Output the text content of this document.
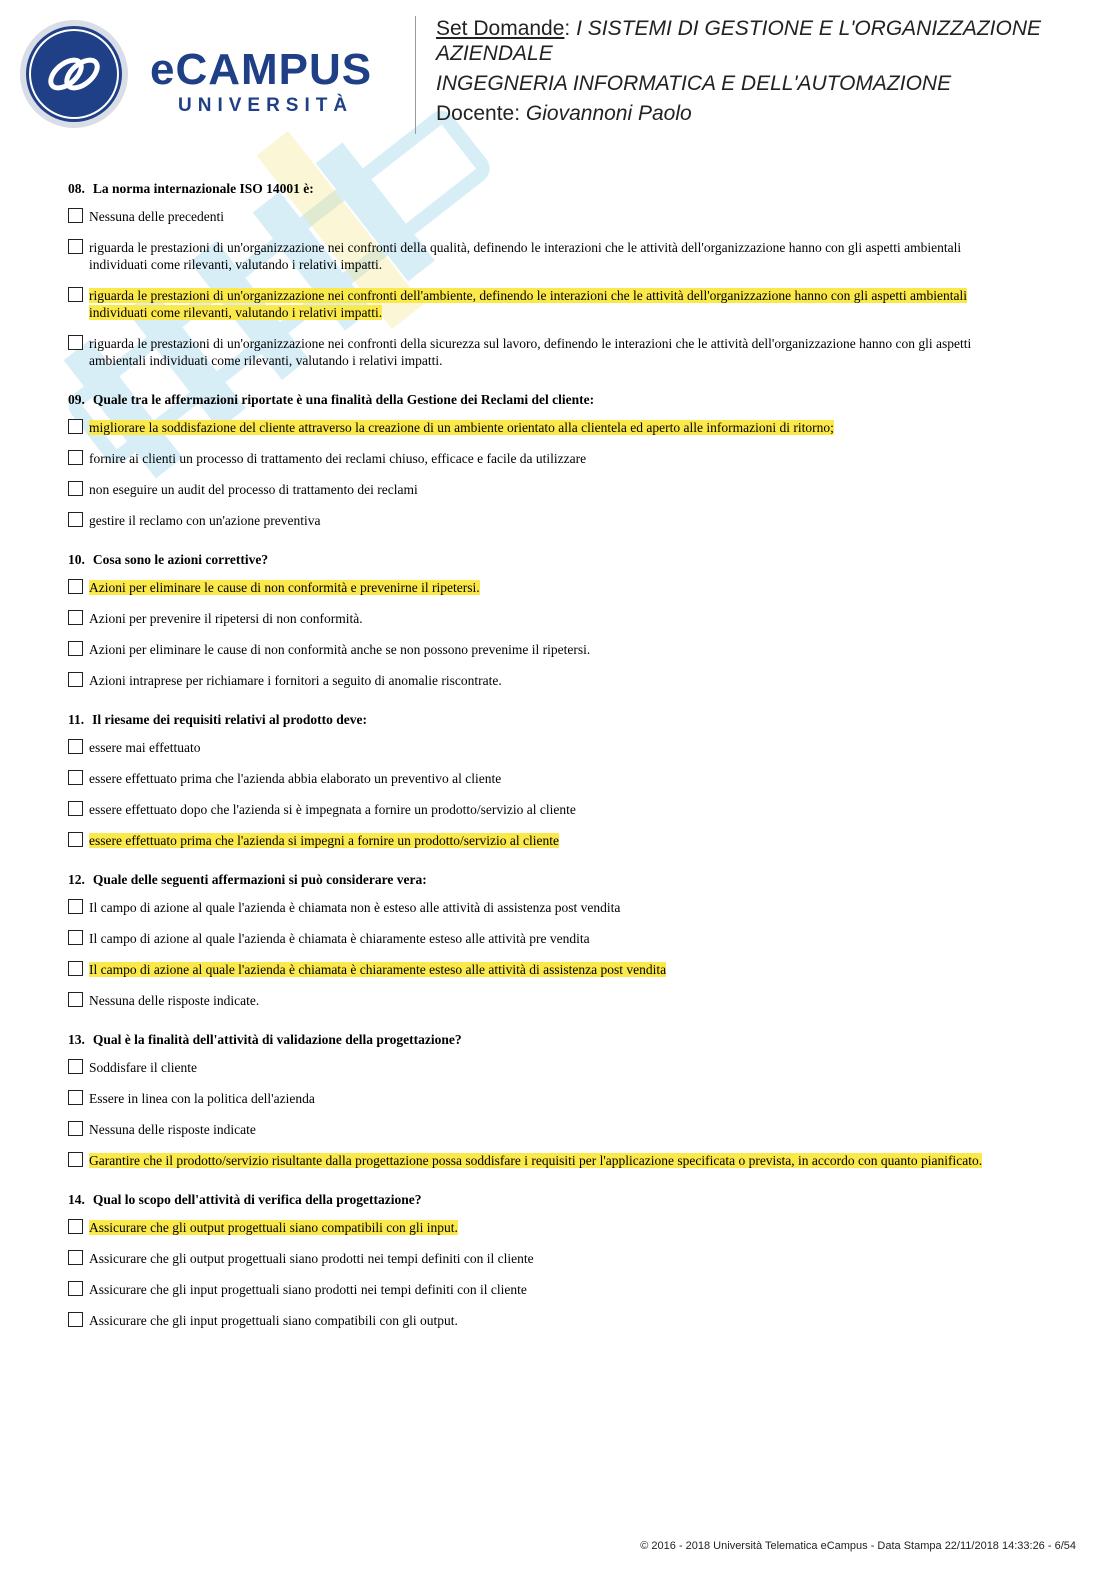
eCAMPUS
UNIVERSITÀ
Set Domande: I SISTEMI DI GESTIONE E L'ORGANIZZAZIONE
AZIENDALE
INGEGNERIA INFORMATICA E DELL'AUTOMAZIONE
Docente: Giovannoni Paolo
08. La norma internazionale ISO 14001 è:
Nessuna delle precedenti
riguarda le prestazioni di un'organizzazione nei confronti della qualità, definendo le interazioni che le attività dell'organizzazione hanno con gli aspetti ambientali individuati come rilevanti, valutando i relativi impatti.
riguarda le prestazioni di un'organizzazione nei confronti dell'ambiente, definendo le interazioni che le attività dell'organizzazione hanno con gli aspetti ambientali individuati come rilevanti, valutando i relativi impatti.
riguarda le prestazioni di un'organizzazione nei confronti della sicurezza sul lavoro, definendo le interazioni che le attività dell'organizzazione hanno con gli aspetti ambientali individuati come rilevanti, valutando i relativi impatti.
09. Quale tra le affermazioni riportate è una finalità della Gestione dei Reclami del cliente:
migliorare la soddisfazione del cliente attraverso la creazione di un ambiente orientato alla clientela ed aperto alle informazioni di ritorno;
fornire ai clienti un processo di trattamento dei reclami chiuso, efficace e facile da utilizzare
non eseguire un audit del processo di trattamento dei reclami
gestire il reclamo con un'azione preventiva
10. Cosa sono le azioni correttive?
Azioni per eliminare le cause di non conformità e prevenirne il ripetersi.
Azioni per prevenire il ripetersi di non conformità.
Azioni per eliminare le cause di non conformità anche se non possono prevenime il ripetersi.
Azioni intraprese per richiamare i fornitori a seguito di anomalie riscontrate.
11. Il riesame dei requisiti relativi al prodotto deve:
essere mai effettuato
essere effettuato prima che l'azienda abbia elaborato un preventivo al cliente
essere effettuato dopo che l'azienda si è impegnata a fornire un prodotto/servizio al cliente
essere effettuato prima che l'azienda si impegni a fornire un prodotto/servizio al cliente
12. Quale delle seguenti affermazioni si può considerare vera:
Il campo di azione al quale l'azienda è chiamata non è esteso alle attività di assistenza post vendita
Il campo di azione al quale l'azienda è chiamata è chiaramente esteso alle attività pre vendita
Il campo di azione al quale l'azienda è chiamata è chiaramente esteso alle attività di assistenza post vendita
Nessuna delle risposte indicate.
13. Qual è la finalità dell'attività di validazione della progettazione?
Soddisfare il cliente
Essere in linea con la politica dell'azienda
Nessuna delle risposte indicate
Garantire che il prodotto/servizio risultante dalla progettazione possa soddisfare i requisiti per l'applicazione specificata o prevista, in accordo con quanto pianificato.
14. Qual lo scopo dell'attività di verifica della progettazione?
Assicurare che gli output progettuali siano compatibili con gli input.
Assicurare che gli output progettuali siano prodotti nei tempi definiti con il cliente
Assicurare che gli input progettuali siano prodotti nei tempi definiti con il cliente
Assicurare che gli input progettuali siano compatibili con gli output.
© 2016 - 2018 Università Telematica eCampus - Data Stampa 22/11/2018 14:33:26 - 6/54
